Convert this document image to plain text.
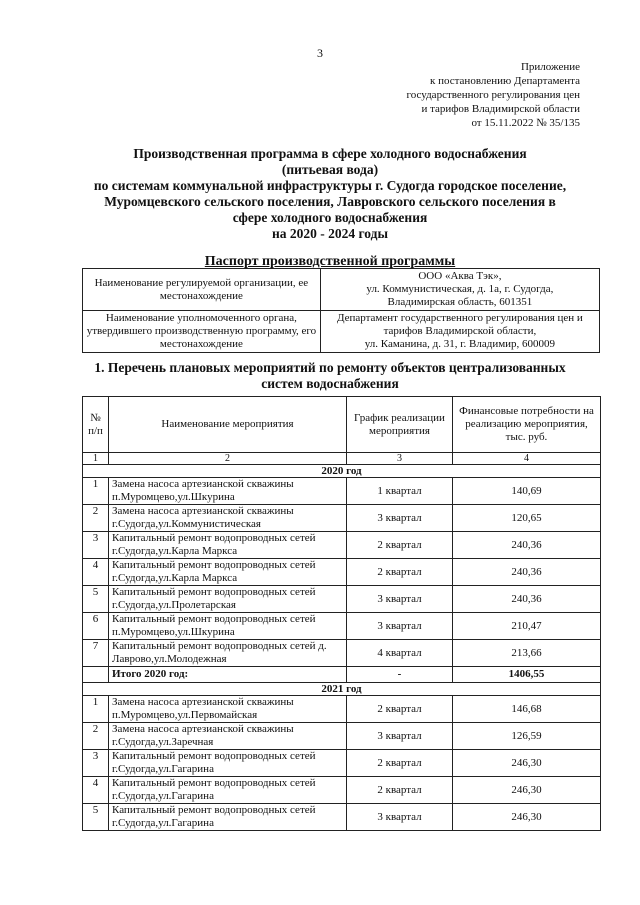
3
Приложение
к постановлению Департамента
государственного регулирования цен
и тарифов Владимирской области
от 15.11.2022 № 35/135
Производственная программа в сфере холодного водоснабжения
(питьевая вода)
по системам коммунальной инфраструктуры г. Судогда городское поселение,
Муромцевского сельского поселения, Лавровского сельского поселения в
сфере холодного водоснабжения
на 2020 - 2024 годы
Паспорт производственной программы
Наименование регулируемой организации, ее местонахождение	ООО «Аква Тэк»,
ул. Коммунистическая, д. 1а, г. Судогда,
Владимирская область, 601351

Наименование уполномоченного органа, утвердившего производственную программу, его местонахождение	Департамент государственного регулирования цен и
тарифов Владимирской области,
ул. Каманина, д. 31, г. Владимир, 600009
1. Перечень плановых мероприятий по ремонту объектов централизованных
систем водоснабжения
№ п/п	Наименование мероприятия	График реализации мероприятия	Финансовые потребности на реализацию мероприятия, тыс. руб.
1	2	3	4
2020 год			
1	Замена насоса артезианской скважины п.Муромцево,ул.Шкурина	1 квартал	140,69
2	Замена насоса артезианской скважины г.Судогда,ул.Коммунистическая	3 квартал	120,65
3	Капитальный ремонт водопроводных сетей г.Судогда,ул.Карла Маркса	2 квартал	240,36
4	Капитальный ремонт водопроводных сетей г.Судогда,ул.Карла Маркса	2 квартал	240,36
5	Капитальный ремонт водопроводных сетей г.Судогда,ул.Пролетарская	3 квартал	240,36
6	Капитальный ремонт водопроводных сетей п.Муромцево,ул.Шкурина	3 квартал	210,47
7	Капитальный ремонт водопроводных сетей д. Лаврово,ул.Молодежная	4 квартал	213,66
	Итого 2020 год:	-	1406,55
2021 год			
1	Замена насоса артезианской скважины п.Муромцево,ул.Первомайская	2 квартал	146,68
2	Замена насоса артезианской скважины г.Судогда,ул.Заречная	3 квартал	126,59
3	Капитальный ремонт водопроводных сетей г.Судогда,ул.Гагарина	2 квартал	246,30
4	Капитальный ремонт водопроводных сетей г.Судогда,ул.Гагарина	2 квартал	246,30
5	Капитальный ремонт водопроводных сетей г.Судогда,ул.Гагарина	3 квартал	246,30
